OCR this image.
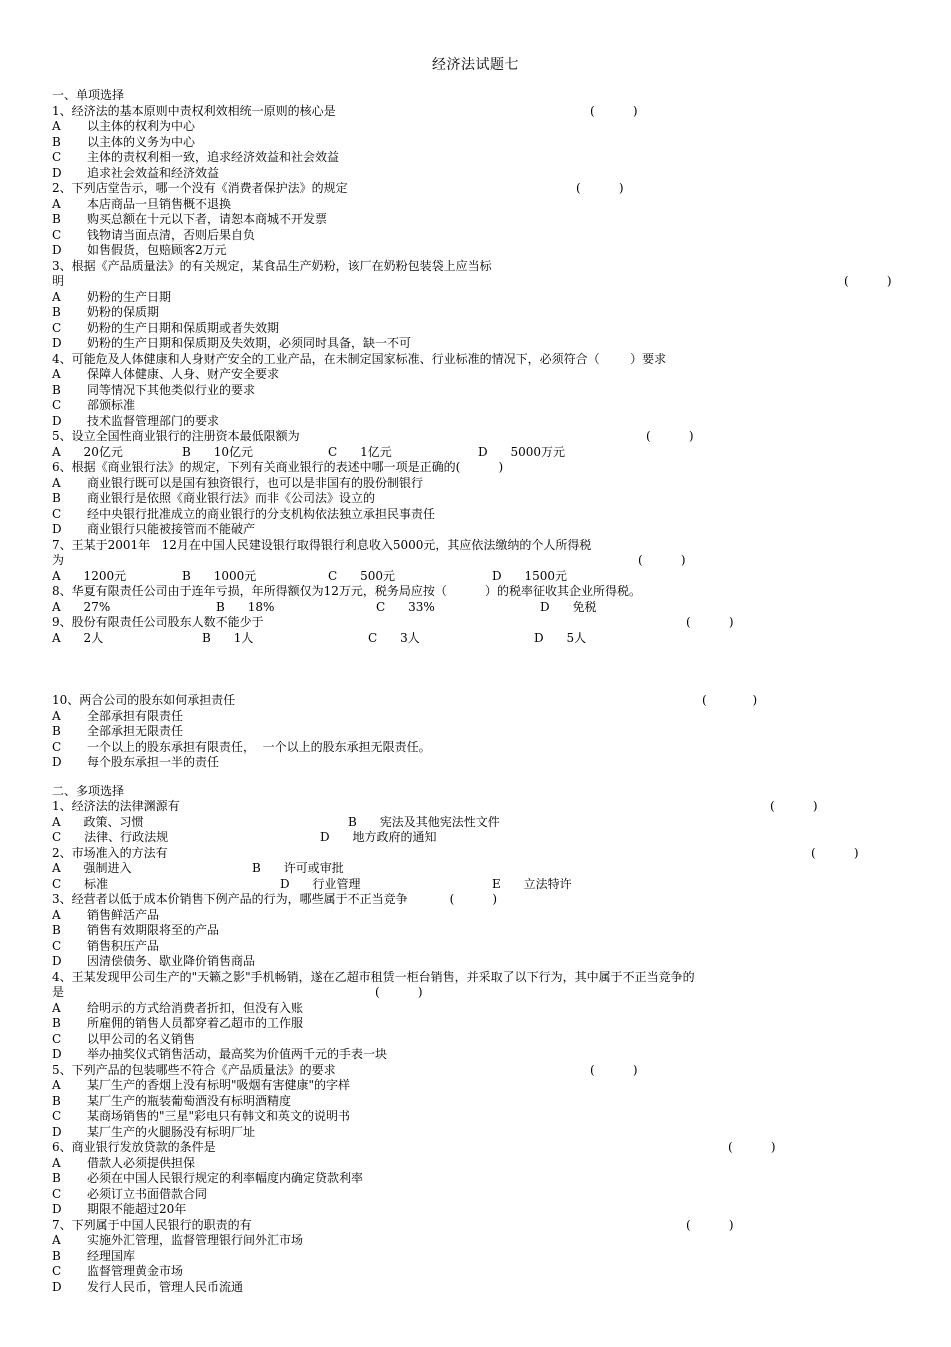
经济法试题七
一、单项选择
1、经济法的基本原则中责权利效相统一原则的核心是	(          )
A 以主体的权利为中心
B 以主体的义务为中心
C 主体的责权利相一致，追求经济效益和社会效益
D 追求社会效益和经济效益
2、下列店堂告示，哪一个没有《消费者保护法》的规定	(          )
A 本店商品一旦销售概不退换
B 购买总额在十元以下者，请恕本商城不开发票
C 钱物请当面点清，否则后果自负
D 如售假货，包赔顾客2万元
3、根据《产品质量法》的有关规定，某食品生产奶粉，该厂在奶粉包装袋上应当标
明	(          )
A 奶粉的生产日期
B 奶粉的保质期
C 奶粉的生产日期和保质期或者失效期
D 奶粉的生产日期和保质期及失效期，必须同时具备，缺一不可
4、可能危及人体健康和人身财产安全的工业产品，在未制定国家标准、行业标准的情况下，必须符合（        ）要求
A 保障人体健康、人身、财产安全要求
B 同等情况下其他类似行业的要求
C 部颁标准
D 技术监督管理部门的要求
5、设立全国性商业银行的注册资本最低限额为	(          )
A      20亿元	B      10亿元	C      1亿元	D      5000万元
6、根据《商业银行法》的规定，下列有关商业银行的表述中哪一项是正确的(          )
A 商业银行既可以是国有独资银行，也可以是非国有的股份制银行
B 商业银行是依照《商业银行法》而非《公司法》设立的
C 经中央银行批准成立的商业银行的分支机构依法独立承担民事责任
D 商业银行只能被接管而不能破产
7、王某于2001年   12月在中国人民建设银行取得银行利息收入5000元，其应依法缴纳的个人所得税
为	(          )
A      1200元	B      1000元	C      500元	D      1500元
8、华夏有限责任公司由于连年亏损，年所得额仅为12万元，税务局应按（          ）的税率征收其企业所得税。
A      27%	B      18%	C      33%	D      免税
9、股份有限责任公司股东人数不能少于	(          )
A      2人	B      1人	C      3人	D      5人
10、两合公司的股东如何承担责任	(            )
A 全部承担有限责任
B 全部承担无限责任
C 一个以上的股东承担有限责任，  一个以上的股东承担无限责任。
D 每个股东承担一半的责任
二、多项选择
1、经济法的法律渊源有	(          )
A      政策、习惯	B      宪法及其他宪法性文件
C      法律、行政法规	D      地方政府的通知
2、市场准入的方法有	(          )
A      强制进入	B      许可或审批
C      标准	D      行业管理	E      立法特许
3、经营者以低于成本价销售下例产品的行为，哪些属于不正当竞争           (          )
A 销售鲜活产品
B 销售有效期限将至的产品
C 销售积压产品
D 因清偿债务、歇业降价销售商品
4、王某发现甲公司生产的"天籁之影"手机畅销，遂在乙超市租赁一柜台销售，并采取了以下行为，其中属于不正当竞争的
是	(          )
A 给明示的方式给消费者折扣，但没有入账
B 所雇佣的销售人员都穿着乙超市的工作服
C 以甲公司的名义销售
D 举办抽奖仪式销售活动，最高奖为价值两千元的手表一块
5、下列产品的包装哪些不符合《产品质量法》的要求	(          )
A 某厂生产的香烟上没有标明"吸烟有害健康"的字样
B 某厂生产的瓶装葡萄酒没有标明酒精度
C 某商场销售的"三星"彩电只有韩文和英文的说明书
D 某厂生产的火腿肠没有标明厂址
6、商业银行发放贷款的条件是	(          )
A 借款人必须提供担保
B 必须在中国人民银行规定的利率幅度内确定贷款利率
C 必须订立书面借款合同
D 期限不能超过20年
7、下列属于中国人民银行的职责的有	(          )
A 实施外汇管理，监督管理银行间外汇市场
B 经理国库
C 监督管理黄金市场
D 发行人民币，管理人民币流通
